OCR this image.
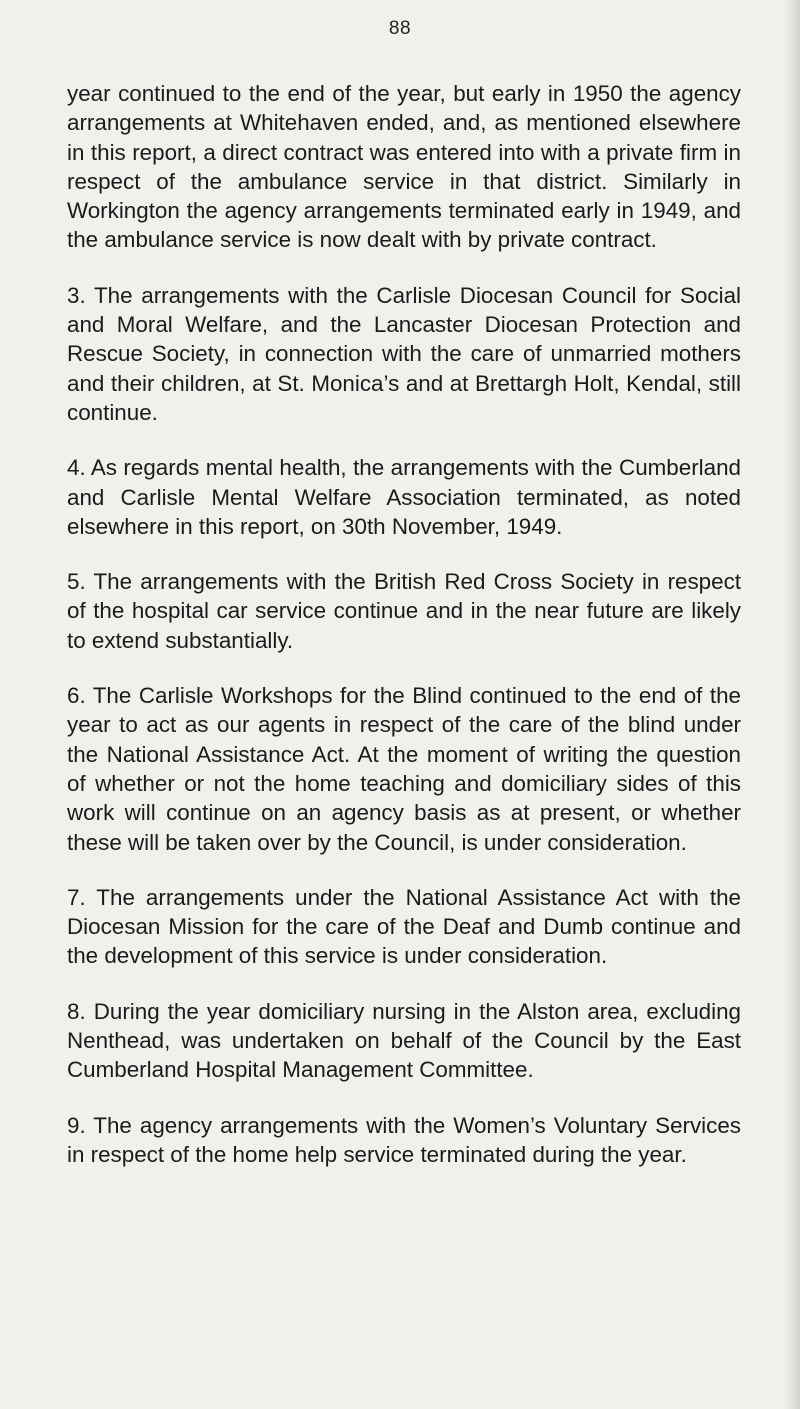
88

year continued to the end of the year, but early in 1950 the agency arrangements at Whitehaven ended, and, as mentioned elsewhere in this report, a direct contract was entered into with a private firm in respect of the ambulance service in that district. Similarly in Workington the agency arrangements terminated early in 1949, and the ambulance service is now dealt with by private contract.

3. The arrangements with the Carlisle Diocesan Council for Social and Moral Welfare, and the Lancaster Diocesan Protection and Rescue Society, in connection with the care of unmarried mothers and their children, at St. Monica’s and at Brettargh Holt, Kendal, still continue.

4. As regards mental health, the arrangements with the Cumberland and Carlisle Mental Welfare Association terminated, as noted elsewhere in this report, on 30th November, 1949.

5. The arrangements with the British Red Cross Society in respect of the hospital car service continue and in the near future are likely to extend substantially.

6. The Carlisle Workshops for the Blind continued to the end of the year to act as our agents in respect of the care of the blind under the National Assistance Act. At the moment of writing the question of whether or not the home teaching and domiciliary sides of this work will continue on an agency basis as at present, or whether these will be taken over by the Council, is under consideration.

7. The arrangements under the National Assistance Act with the Diocesan Mission for the care of the Deaf and Dumb continue and the development of this service is under consideration.

8. During the year domiciliary nursing in the Alston area, excluding Nenthead, was undertaken on behalf of the Council by the East Cumberland Hospital Management Committee.

9. The agency arrangements with the Women’s Voluntary Services in respect of the home help service terminated during the year.
